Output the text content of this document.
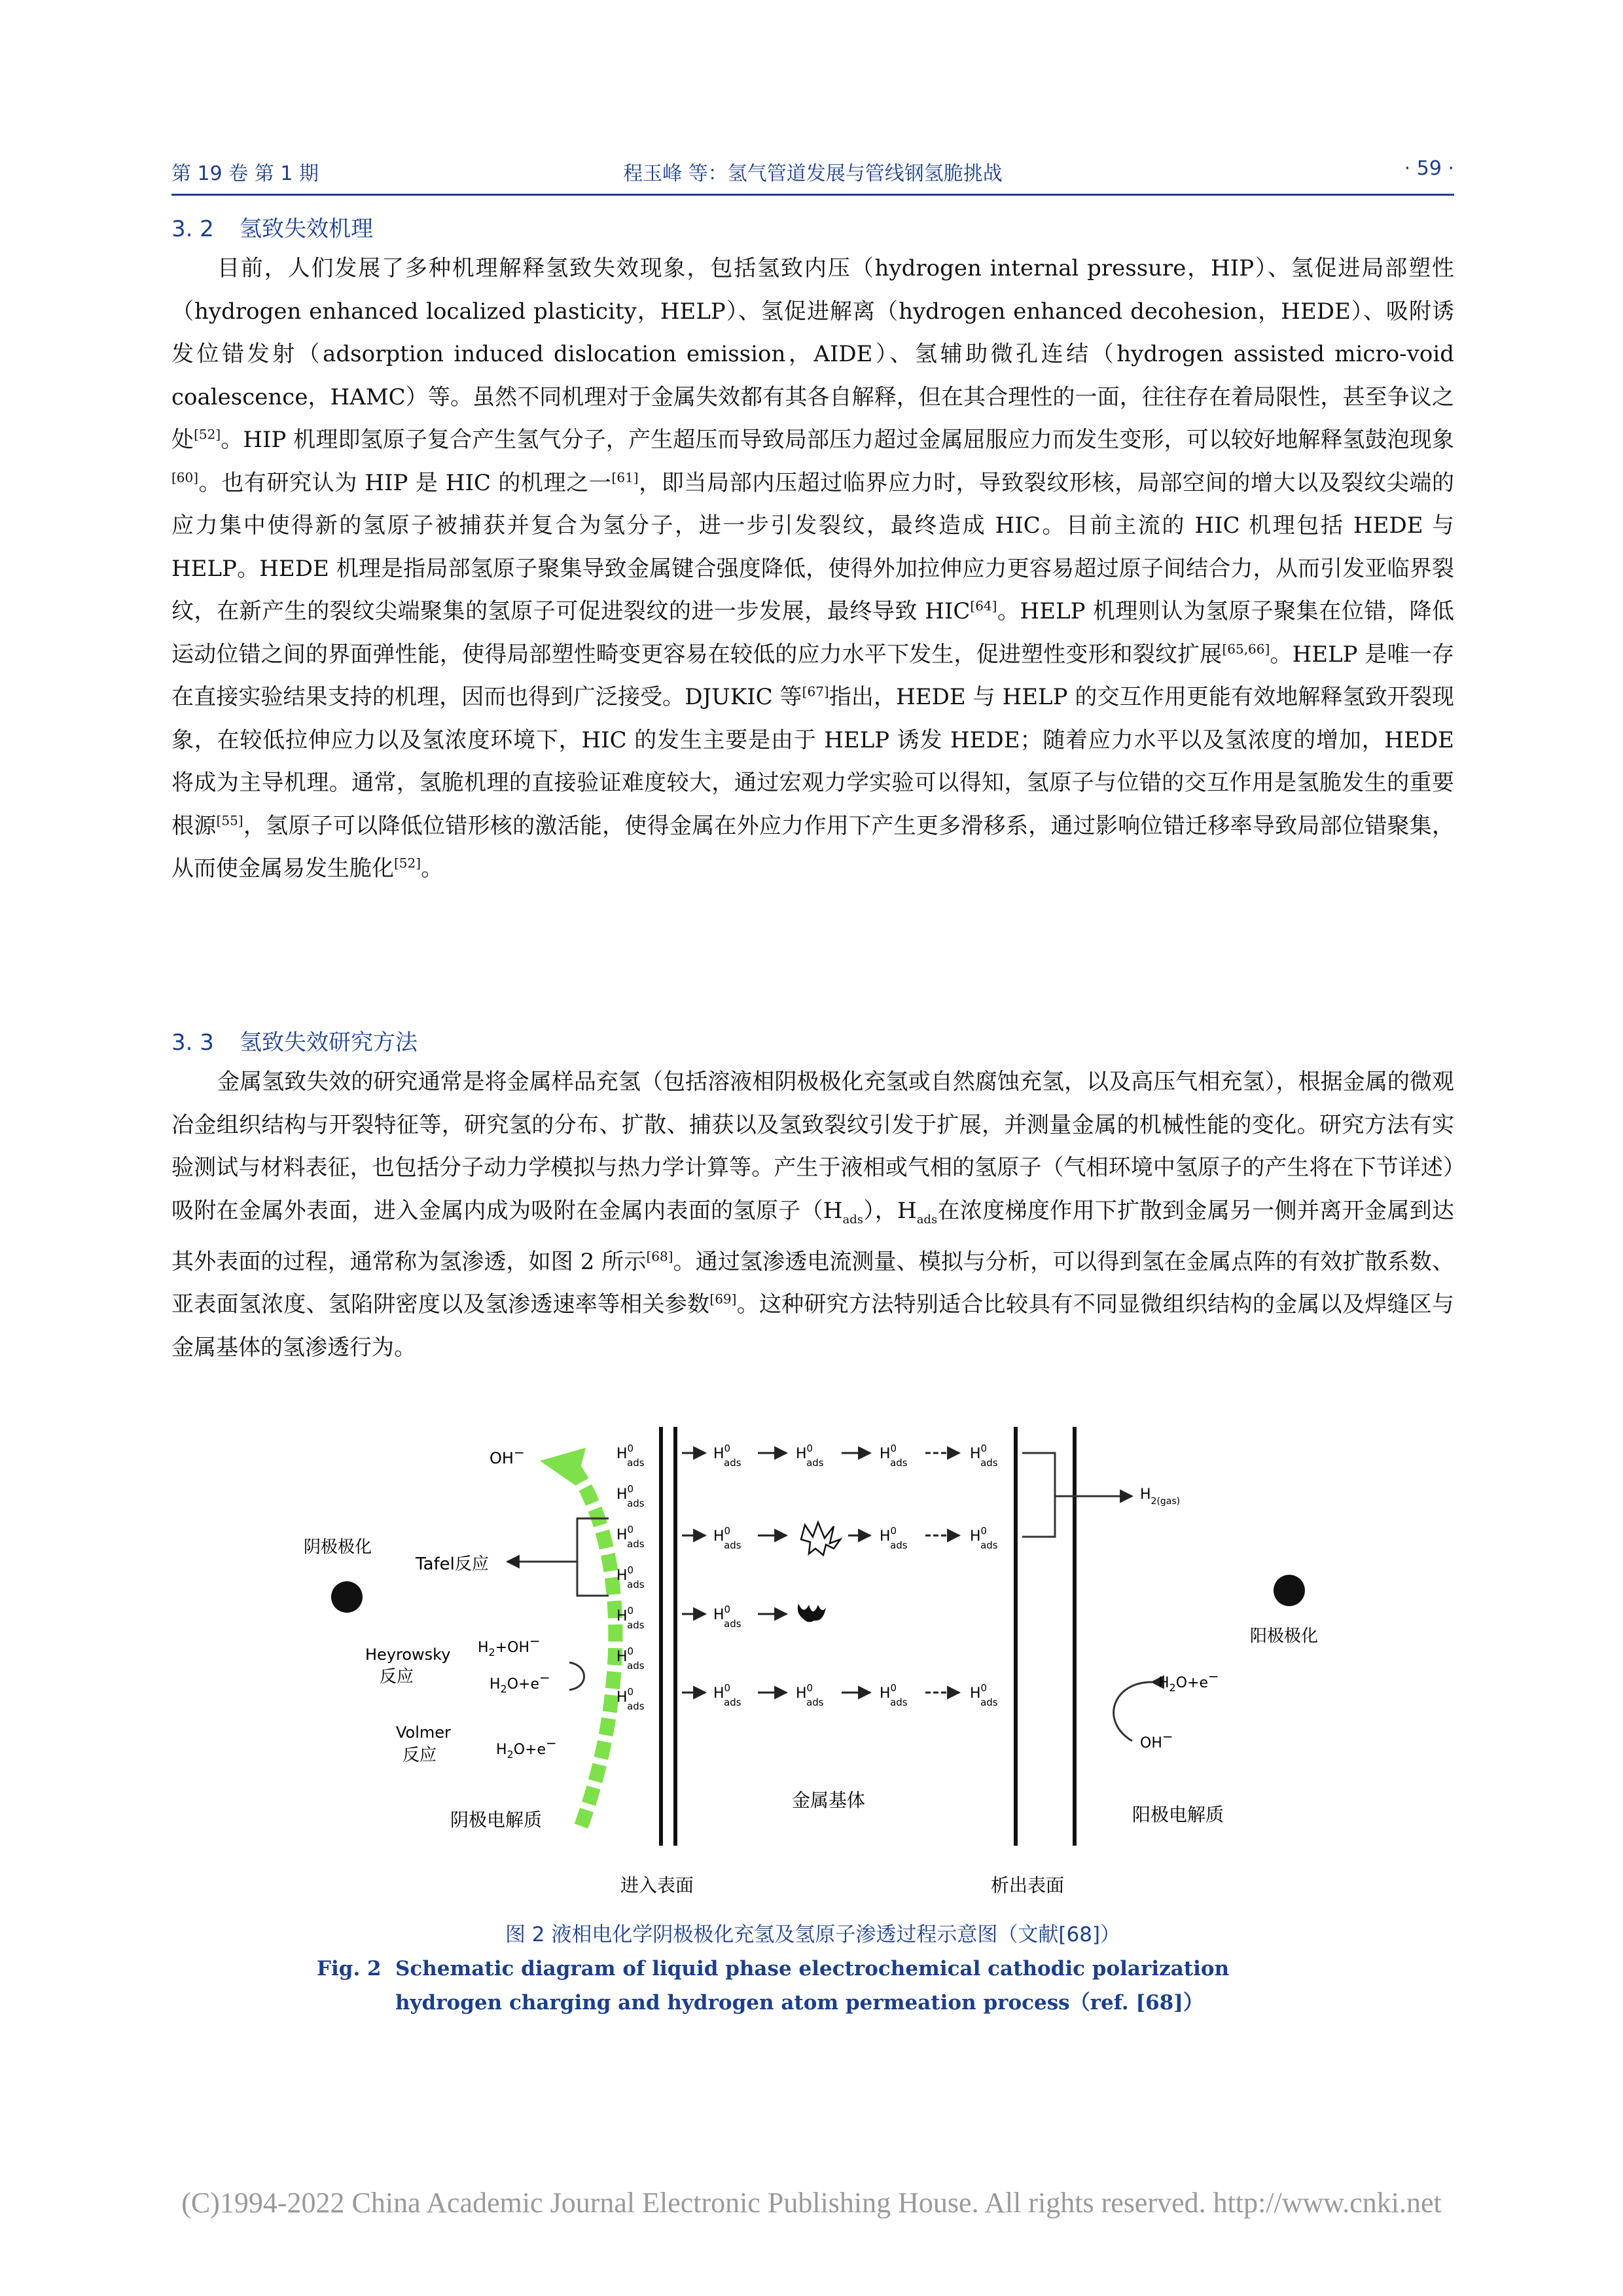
第 19 卷 第 1 期	程玉峰 等：氢气管道发展与管线钢氢脆挑战	· 59 ·
3. 2 氢致失效机理

目前，人们发展了多种机理解释氢致失效现象，包括氢致内压（hydrogen internal pressure，HIP）、氢促进局部塑性（hydrogen enhanced localized plasticity，HELP）、氢促进解离（hydrogen enhanced decohesion，HEDE）、吸附诱发位错发射（adsorption induced dislocation emission，AIDE）、氢辅助微孔连结（hydrogen assisted micro-void coalescence，HAMC）等。虽然不同机理对于金属失效都有其各自解释，但在其合理性的一面，往往存在着局限性，甚至争议之处[52]。HIP 机理即氢原子复合产生氢气分子，产生超压而导致局部压力超过金属屈服应力而发生变形，可以较好地解释氢鼓泡现象[60]。也有研究认为 HIP 是 HIC 的机理之一[61]，即当局部内压超过临界应力时，导致裂纹形核，局部空间的增大以及裂纹尖端的应力集中使得新的氢原子被捕获并复合为氢分子，进一步引发裂纹，最终造成 HIC。目前主流的 HIC 机理包括 HEDE 与 HELP。HEDE 机理是指局部氢原子聚集导致金属键合强度降低，使得外加拉伸应力更容易超过原子间结合力，从而引发亚临界裂纹，在新产生的裂纹尖端聚集的氢原子可促进裂纹的进一步发展，最终导致 HIC[64]。HELP 机理则认为氢原子聚集在位错，降低运动位错之间的界面弹性能，使得局部塑性畸变更容易在较低的应力水平下发生，促进塑性变形和裂纹扩展[65,66]。HELP 是唯一存在直接实验结果支持的机理，因而也得到广泛接受。DJUKIC 等[67]指出，HEDE 与 HELP 的交互作用更能有效地解释氢致开裂现象，在较低拉伸应力以及氢浓度环境下，HIC 的发生主要是由于 HELP 诱发 HEDE；随着应力水平以及氢浓度的增加，HEDE 将成为主导机理。通常，氢脆机理的直接验证难度较大，通过宏观力学实验可以得知，氢原子与位错的交互作用是氢脆发生的重要根源[55]，氢原子可以降低位错形核的激活能，使得金属在外应力作用下产生更多滑移系，通过影响位错迁移率导致局部位错聚集，从而使金属易发生脆化[52]。

3. 3 氢致失效研究方法

金属氢致失效的研究通常是将金属样品充氢（包括溶液相阴极极化充氢或自然腐蚀充氢，以及高压气相充氢），根据金属的微观冶金组织结构与开裂特征等，研究氢的分布、扩散、捕获以及氢致裂纹引发于扩展，并测量金属的机械性能的变化。研究方法有实验测试与材料表征，也包括分子动力学模拟与热力学计算等。产生于液相或气相的氢原子（气相环境中氢原子的产生将在下节详述）吸附在金属外表面，进入金属内成为吸附在金属内表面的氢原子$(H_{ads})$，$H_{ads}$在浓度梯度作用下扩散到金属另一侧并离开金属到达其外表面的过程，通常称为氢渗透，如图 2 所示[68]。通过氢渗透电流测量、模拟与分析，可以得到氢在金属点阵的有效扩散系数、亚表面氢浓度、氢陷阱密度以及氢渗透速率等相关参数[69]。这种研究方法特别适合比较具有不同显微组织结构的金属以及焊缝区与金属基体的氢渗透行为。

OH−
阴极极化
Tafel反应
Heyrowsky
反应
$H_2+OH-$
$H_2O+e-$
Volmer
反应	$H_2O+e-$
$H^0$ ads
$H^0$ ads
$H^0$ ads
$H^0$ ads
$H^0$ ads
$H^0$ ads
$H^0$ ads
$H^0$ ads
$H^0$ ads
$H^0$ ads
$H^0$ ads
$H^0$ ads
$H^0$ ads
$H^0$ ads
$H^0$ ads
$H^0$ ads
$H^0$ ads
$H^0$ ads
$H^0$ ads
$H_{2(gas)}$
阳极极化
$H_2O+e-$
OH−
阴极电解质
金属基体
阳极电解质
进入表面	析出表面
图 2 液相电化学阴极极化充氢及氢原子渗透过程示意图（文献[68]）
Fig. 2 Schematic diagram of liquid phase electrochemical cathodic polarization hydrogen charging and hydrogen atom permeation process（ref. [68]）
(C)1994-2022 China Academic Journal Electronic Publishing House. All rights reserved. http://www.cnki.net
